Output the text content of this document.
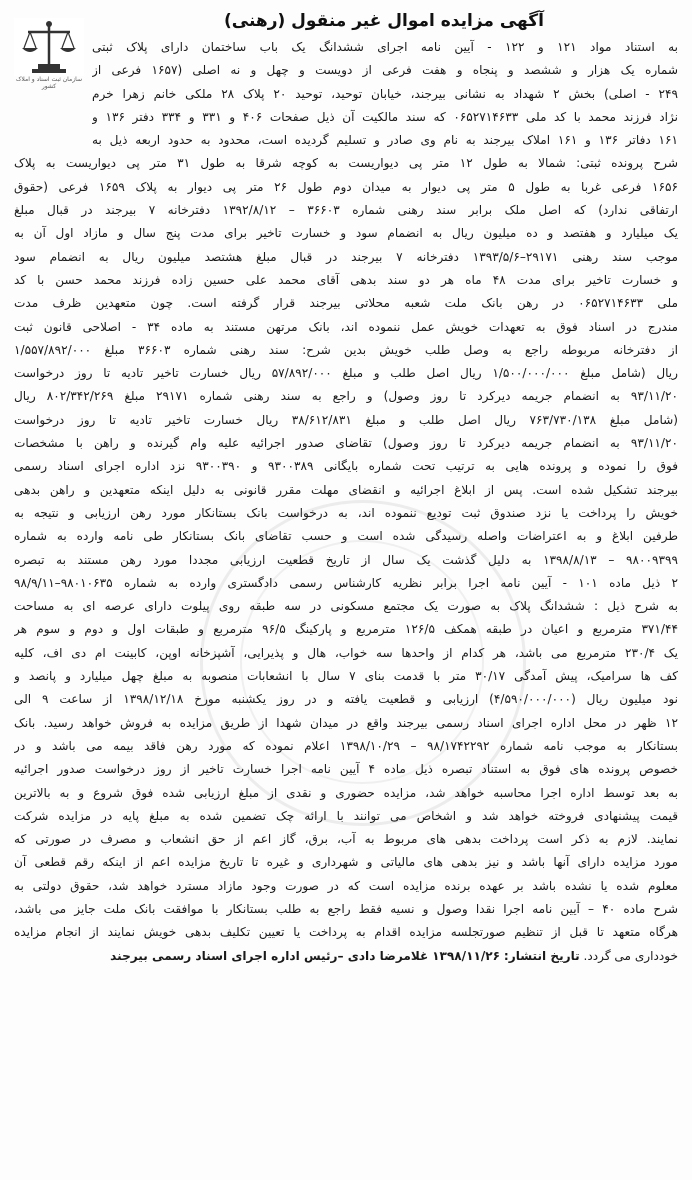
سازمان ثبت اسناد و املاک کشور
آگهی مزایده اموال غیر منقول (رهنی)
به استناد مواد ۱۲۱ و ۱۲۲ - آیین نامه اجرای ششدانگ یک باب ساختمان دارای پلاک ثبتی
شماره یک هزار و ششصد و پنجاه و هفت فرعی از دویست و چهل و نه اصلی (۱۶۵۷ فرعی از
۲۴۹ - اصلی) بخش ۲ شهداد به نشانی بیرجند، خیابان توحید، توحید ۲۰ پلاک ۲۸ ملکی خانم زهرا خرم
نژاد فرزند محمد با کد ملی ۰۶۵۲۷۱۴۶۳۳ که سند مالکیت آن ذیل صفحات ۴۰۶ و ۳۳۱ و ۳۳۴ دفتر ۱۳۶ و
۱۶۱ دفاتر ۱۳۶ و ۱۶۱ املاک بیرجند به نام وی صادر و تسلیم گردیده است، محدود به حدود اربعه ذیل به
شرح پرونده ثبتی: شمالا به طول ۱۲ متر پی دیواریست به کوچه شرقا به طول ۳۱ متر پی دیواریست به پلاک
۱۶۵۶ فرعی غربا به طول ۵ متر پی دیوار به میدان دوم طول ۲۶ متر پی دیوار به پلاک ۱۶۵۹ فرعی (حقوق
ارتفاقی ندارد) که اصل ملک برابر سند رهنی شماره ۳۶۶۰۳ – ۱۳۹۲/۸/۱۲ دفترخانه ۷ بیرجند در قبال مبلغ
یک میلیارد و هفتصد و ده میلیون ریال به انضمام سود و خسارت تاخیر برای مدت پنج سال و مازاد اول آن به
موجب سند رهنی ۲۹۱۷۱–۱۳۹۳/۵/۶ دفترخانه ۷ بیرجند در قبال مبلغ هشتصد میلیون ریال به انضمام سود
و خسارت تاخیر برای مدت ۴۸ ماه هر دو سند بدهی آقای محمد علی حسین زاده فرزند محمد حسن با کد
ملی ۰۶۵۲۷۱۴۶۳۳ در رهن بانک ملت شعبه محلاتی بیرجند قرار گرفته است. چون متعهدین ظرف مدت
مندرج در اسناد فوق به تعهدات خویش عمل ننموده اند، بانک مرتهن مستند به ماده ۳۴ - اصلاحی قانون ثبت
از دفترخانه مربوطه راجع به وصل طلب خویش بدین شرح: سند رهنی شماره ۳۶۶۰۳ مبلغ ۱/۵۵۷/۸۹۲/۰۰۰
ریال (شامل مبلغ ۱/۵۰۰/۰۰۰/۰۰۰ ریال اصل طلب و مبلغ ۵۷/۸۹۲/۰۰۰ ریال خسارت تاخیر تادیه تا روز درخواست
۹۳/۱۱/۲۰ به انضمام جریمه دیرکرد تا روز وصول) و راجع به سند رهنی شماره ۲۹۱۷۱ مبلغ ۸۰۲/۳۴۲/۲۶۹ ریال
(شامل مبلغ ۷۶۳/۷۳۰/۱۳۸ ریال اصل طلب و مبلغ ۳۸/۶۱۲/۸۳۱ ریال خسارت تاخیر تادیه تا روز درخواست
۹۳/۱۱/۲۰ به انضمام جریمه دیرکرد تا روز وصول) تقاضای صدور اجرائیه علیه وام گیرنده و راهن با مشخصات
فوق را نموده و پرونده هایی به ترتیب تحت شماره بایگانی ۹۳۰۰۳۸۹ و ۹۳۰۰۳۹۰ نزد اداره اجرای اسناد رسمی
بیرجند تشکیل شده است. پس از ابلاغ اجرائیه و انقضای مهلت مقرر قانونی به دلیل اینکه متعهدین و راهن بدهی
خویش را پرداخت یا نزد صندوق ثبت تودیع ننموده اند، به درخواست بانک بستانکار مورد رهن ارزیابی و نتیجه به
طرفین ابلاغ و به اعتراضات واصله رسیدگی شده است و حسب تقاضای بانک بستانکار طی نامه وارده به شماره
۹۸۰۰۹۳۹۹ – ۱۳۹۸/۸/۱۳ به دلیل گذشت یک سال از تاریخ قطعیت ارزیابی مجددا مورد رهن مستند به تبصره
۲ ذیل ماده ۱۰۱ - آیین نامه اجرا برابر نظریه کارشناس رسمی دادگستری وارده به شماره ۹۸۰۱۰۶۳۵–۹۸/۹/۱۱
به شرح ذیل : ششدانگ پلاک به صورت یک مجتمع مسکونی در سه طبقه روی پیلوت دارای عرصه ای به مساحت
۳۷۱/۴۴ مترمربع و اعیان در طبقه همکف ۱۲۶/۵ مترمربع و پارکینگ ۹۶/۵ مترمربع و طبقات اول و دوم و سوم هر
یک ۲۳۰/۴ مترمربع می باشد، هر کدام از واحدها سه خواب، هال و پذیرایی، آشپزخانه اوپن، کابینت ام دی اف، کلیه
کف ها سرامیک، پیش آمدگی ۳۰/۱۷ متر با قدمت بنای ۷ سال با انشعابات منصوبه به مبلغ چهل میلیارد و پانصد و
نود میلیون ریال (۴/۵۹۰/۰۰۰/۰۰۰) ارزیابی و قطعیت یافته و در روز یکشنبه مورخ ۱۳۹۸/۱۲/۱۸ از ساعت ۹ الی
۱۲ ظهر در محل اداره اجرای اسناد رسمی بیرجند واقع در میدان شهدا از طریق مزایده به فروش خواهد رسید. بانک
بستانکار به موجب نامه شماره ۹۸/۱۷۴۲۲۹۲ – ۱۳۹۸/۱۰/۲۹ اعلام نموده که مورد رهن فاقد بیمه می باشد و در
خصوص پرونده های فوق به استناد تبصره ذیل ماده ۴ آیین نامه اجرا خسارت تاخیر از روز درخواست صدور اجرائیه
به بعد توسط اداره اجرا محاسبه خواهد شد، مزایده حضوری و نقدی از مبلغ ارزیابی شده فوق شروع و به بالاترین
قیمت پیشنهادی فروخته خواهد شد و اشخاص می توانند با ارائه چک تضمین شده به مبلغ پایه در مزایده شرکت
نمایند. لازم به ذکر است پرداخت بدهی های مربوط به آب، برق، گاز اعم از حق انشعاب و مصرف در صورتی که
مورد مزایده دارای آنها باشد و نیز بدهی های مالیاتی و شهرداری و غیره تا تاریخ مزایده اعم از اینکه رقم قطعی آن
معلوم شده یا نشده باشد بر عهده برنده مزایده است که در صورت وجود مازاد مسترد خواهد شد، حقوق دولتی به
شرح ماده ۴۰ – آیین نامه اجرا نقدا وصول و نسیه فقط راجع به طلب بستانکار با موافقت بانک ملت جایز می باشد،
هرگاه متعهد تا قبل از تنظیم صورتجلسه مزایده اقدام به پرداخت یا تعیین تکلیف بدهی خویش نمایند از انجام مزایده
خودداری می گردد. تاریخ انتشار: ۱۳۹۸/۱۱/۲۶ غلامرضا دادی –رئیس اداره اجرای اسناد رسمی بیرجند
